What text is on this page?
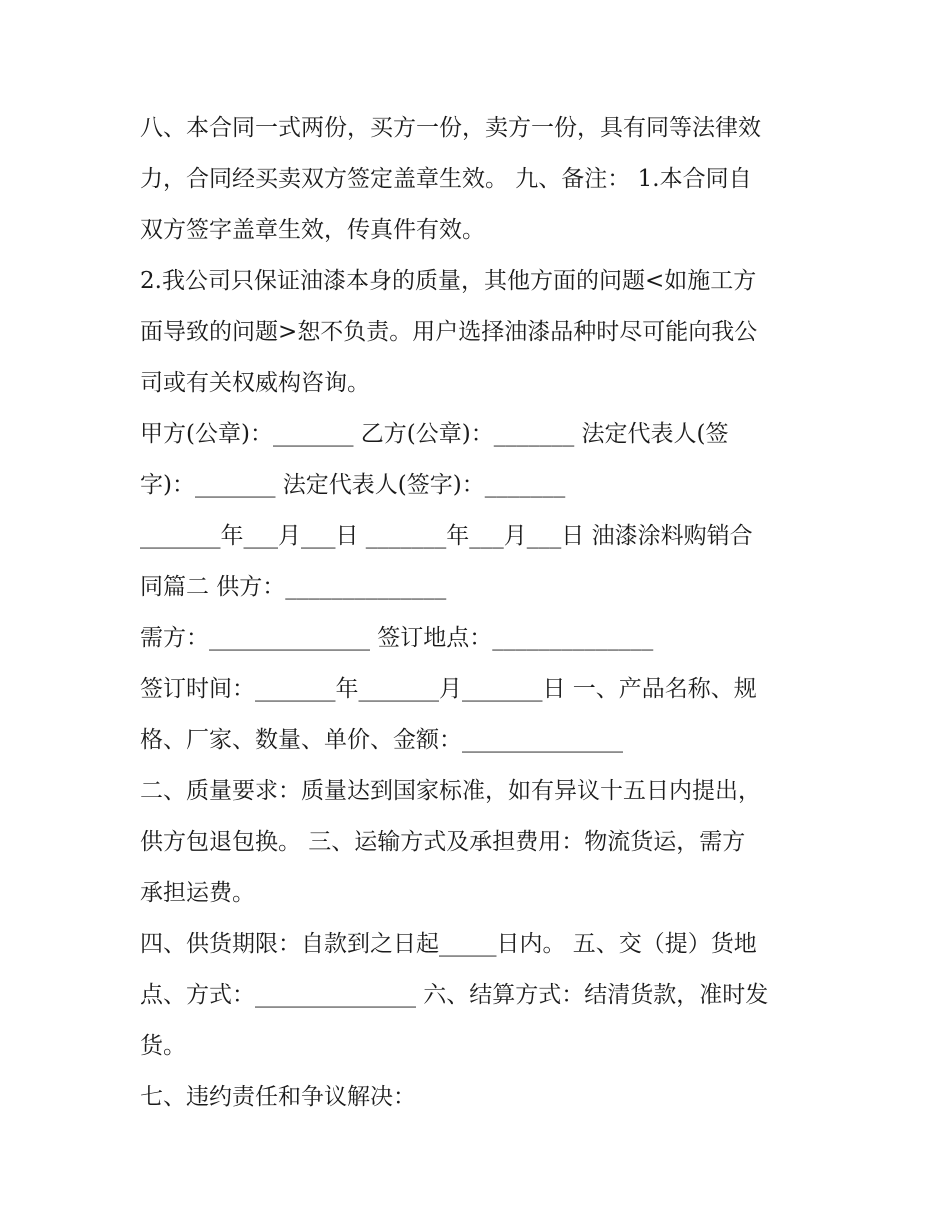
八、本合同一式两份，买方一份，卖方一份，具有同等法律效
力，合同经买卖双方签定盖章生效。 九、备注： 1.本合同自
双方签字盖章生效，传真件有效。
2.我公司只保证油漆本身的质量，其他方面的问题<如施工方
面导致的问题>恕不负责。用户选择油漆品种时尽可能向我公
司或有关权威构咨询。
甲方(公章)：_______ 乙方(公章)：_______ 法定代表人(签
字)：_______ 法定代表人(签字)：_______
_______年___月___日 _______年___月___日 油漆涂料购销合
同篇二 供方：______________
需方：______________ 签订地点：______________
签订时间：_______年_______月_______日 一、产品名称、规
格、厂家、数量、单价、金额：______________
二、质量要求：质量达到国家标准，如有异议十五日内提出，
供方包退包换。 三、运输方式及承担费用：物流货运，需方
承担运费。
四、供货期限：自款到之日起_____日内。 五、交（提）货地
点、方式：______________ 六、结算方式：结清货款，准时发
货。
七、违约责任和争议解决：
